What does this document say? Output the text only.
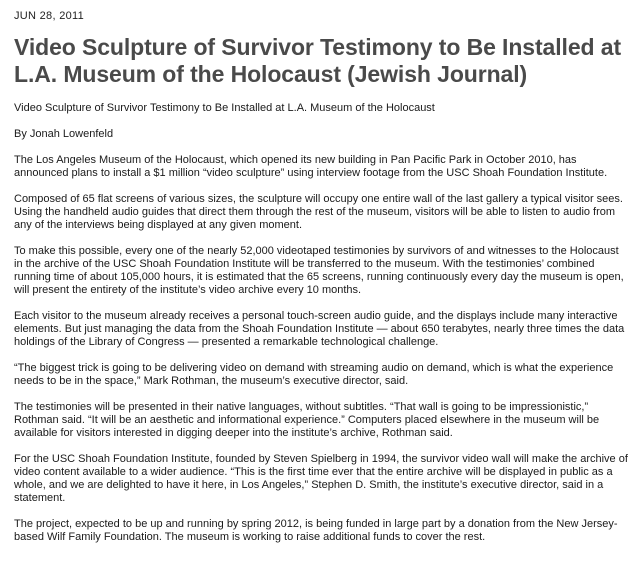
JUN 28, 2011
Video Sculpture of Survivor Testimony to Be Installed at L.A. Museum of the Holocaust (Jewish Journal)
Video Sculpture of Survivor Testimony to Be Installed at L.A. Museum of the Holocaust
By Jonah Lowenfeld
The Los Angeles Museum of the Holocaust, which opened its new building in Pan Pacific Park in October 2010, has announced plans to install a $1 million “video sculpture” using interview footage from the USC Shoah Foundation Institute.
Composed of 65 flat screens of various sizes, the sculpture will occupy one entire wall of the last gallery a typical visitor sees. Using the handheld audio guides that direct them through the rest of the museum, visitors will be able to listen to audio from any of the interviews being displayed at any given moment.
To make this possible, every one of the nearly 52,000 videotaped testimonies by survivors of and witnesses to the Holocaust in the archive of the USC Shoah Foundation Institute will be transferred to the museum. With the testimonies’ combined running time of about 105,000 hours, it is estimated that the 65 screens, running continuously every day the museum is open, will present the entirety of the institute’s video archive every 10 months.
Each visitor to the museum already receives a personal touch-screen audio guide, and the displays include many interactive elements. But just managing the data from the Shoah Foundation Institute — about 650 terabytes, nearly three times the data holdings of the Library of Congress — presented a remarkable technological challenge.
“The biggest trick is going to be delivering video on demand with streaming audio on demand, which is what the experience needs to be in the space,” Mark Rothman, the museum’s executive director, said.
The testimonies will be presented in their native languages, without subtitles. “That wall is going to be impressionistic,” Rothman said. “It will be an aesthetic and informational experience.” Computers placed elsewhere in the museum will be available for visitors interested in digging deeper into the institute’s archive, Rothman said.
For the USC Shoah Foundation Institute, founded by Steven Spielberg in 1994, the survivor video wall will make the archive of video content available to a wider audience. “This is the first time ever that the entire archive will be displayed in public as a whole, and we are delighted to have it here, in Los Angeles,” Stephen D. Smith, the institute’s executive director, said in a statement.
The project, expected to be up and running by spring 2012, is being funded in large part by a donation from the New Jersey-based Wilf Family Foundation. The museum is working to raise additional funds to cover the rest.
